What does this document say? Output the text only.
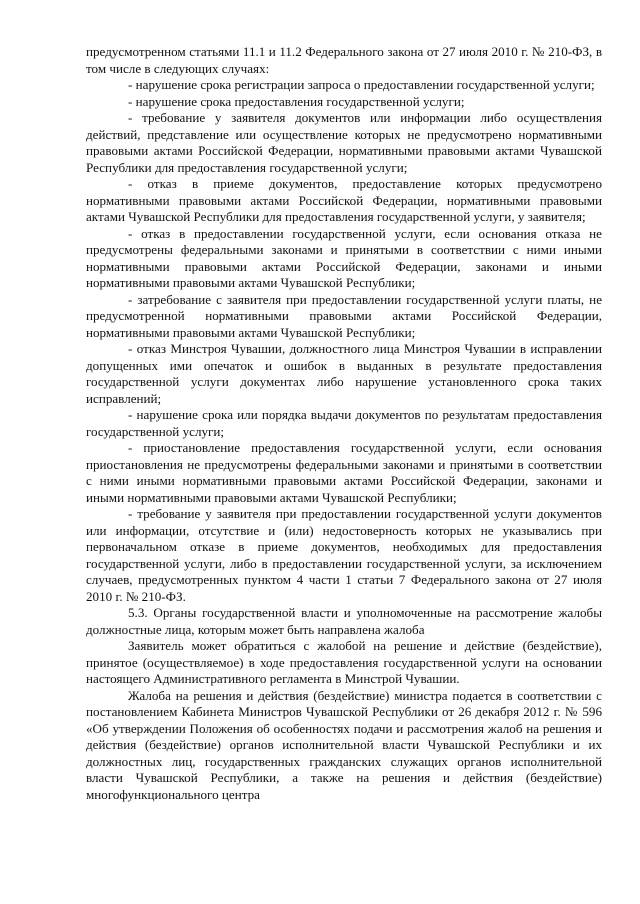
предусмотренном статьями 11.1 и 11.2 Федерального закона от 27 июля 2010 г. № 210-ФЗ, в том числе в следующих случаях:

- нарушение срока регистрации запроса о предоставлении государственной услуги;

- нарушение срока предоставления государственной услуги;

- требование у заявителя документов или информации либо осуществления действий, представление или осуществление которых не предусмотрено нормативными правовыми актами Российской Федерации, нормативными правовыми актами Чувашской Республики для предоставления государственной услуги;

- отказ в приеме документов, предоставление которых предусмотрено нормативными правовыми актами Российской Федерации, нормативными правовыми актами Чувашской Республики для предоставления государственной услуги, у заявителя;

- отказ в предоставлении государственной услуги, если основания отказа не предусмотрены федеральными законами и принятыми в соответствии с ними иными нормативными правовыми актами Российской Федерации, законами и иными нормативными правовыми актами Чувашской Республики;

- затребование с заявителя при предоставлении государственной услуги платы, не предусмотренной нормативными правовыми актами Российской Федерации, нормативными правовыми актами Чувашской Республики;

- отказ Минстроя Чувашии, должностного лица Минстроя Чувашии в исправлении допущенных ими опечаток и ошибок в выданных в результате предоставления государственной услуги документах либо нарушение установленного срока таких исправлений;

- нарушение срока или порядка выдачи документов по результатам предоставления государственной услуги;

- приостановление предоставления государственной услуги, если основания приостановления не предусмотрены федеральными законами и принятыми в соответствии с ними иными нормативными правовыми актами Российской Федерации, законами и иными нормативными правовыми актами Чувашской Республики;

- требование у заявителя при предоставлении государственной услуги документов или информации, отсутствие и (или) недостоверность которых не указывались при первоначальном отказе в приеме документов, необходимых для предоставления государственной услуги, либо в предоставлении государственной услуги, за исключением случаев, предусмотренных пунктом 4 части 1 статьи 7 Федерального закона от 27 июля 2010 г. № 210-ФЗ.

5.3. Органы государственной власти и уполномоченные на рассмотрение жалобы должностные лица, которым может быть направлена жалоба

Заявитель может обратиться с жалобой на решение и действие (бездействие), принятое (осуществляемое) в ходе предоставления государственной услуги на основании настоящего Административного регламента в Минстрой Чувашии.

Жалоба на решения и действия (бездействие) министра подается в соответствии с постановлением Кабинета Министров Чувашской Республики от 26 декабря 2012 г. № 596 «Об утверждении Положения об особенностях подачи и рассмотрения жалоб на решения и действия (бездействие) органов исполнительной власти Чувашской Республики и их должностных лиц, государственных гражданских служащих органов исполнительной власти Чувашской Республики, а также на решения и действия (бездействие) многофункционального центра
